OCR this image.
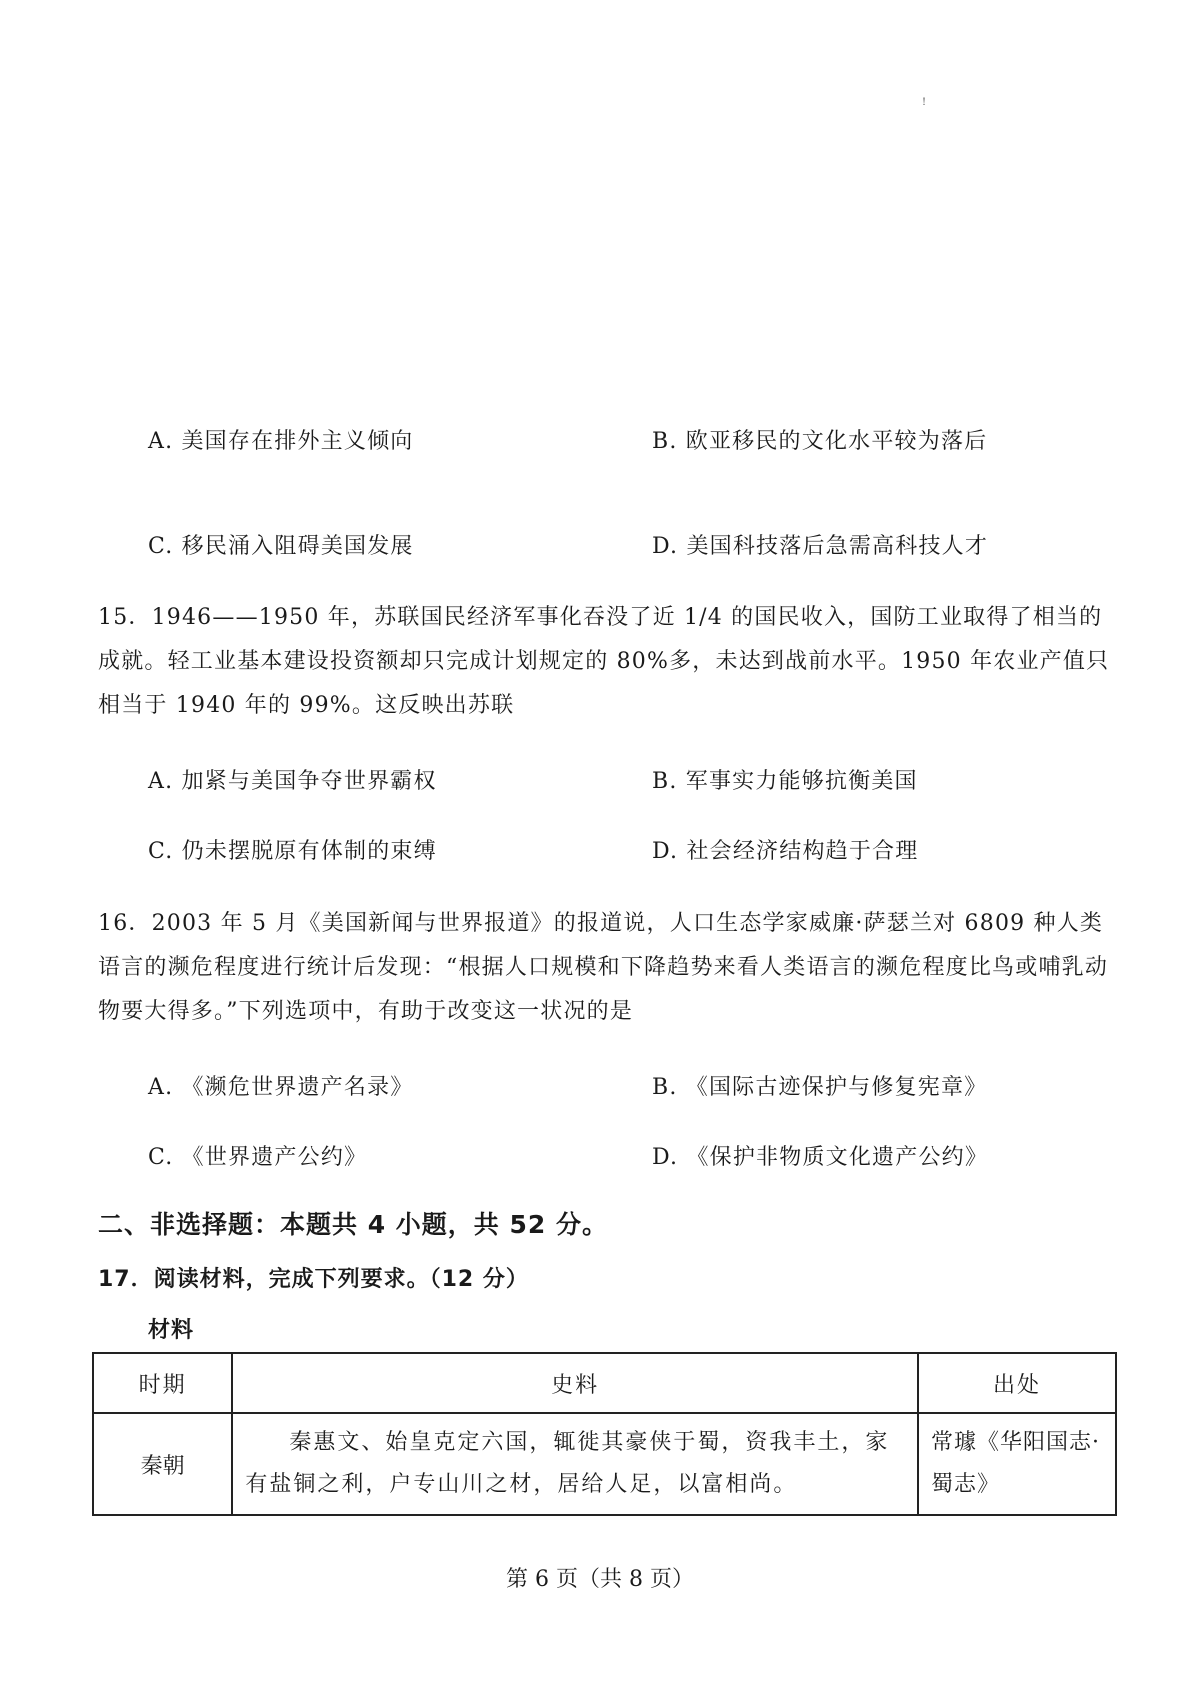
!
A. 美国存在排外主义倾向	B. 欧亚移民的文化水平较为落后
C. 移民涌入阻碍美国发展	D. 美国科技落后急需高科技人才
15．1946——1950 年，苏联国民经济军事化吞没了近 1/4 的国民收入，国防工业取得了相当的成就。轻工业基本建设投资额却只完成计划规定的 80%多，未达到战前水平。1950 年农业产值只相当于 1940 年的 99%。这反映出苏联
A. 加紧与美国争夺世界霸权	B. 军事实力能够抗衡美国
C. 仍未摆脱原有体制的束缚	D. 社会经济结构趋于合理
16．2003 年 5 月《美国新闻与世界报道》的报道说，人口生态学家威廉·萨瑟兰对 6809 种人类语言的濒危程度进行统计后发现：“根据人口规模和下降趋势来看人类语言的濒危程度比鸟或哺乳动物要大得多。”下列选项中，有助于改变这一状况的是
A. 《濒危世界遗产名录》	B. 《国际古迹保护与修复宪章》
C. 《世界遗产公约》	D. 《保护非物质文化遗产公约》
二、非选择题：本题共 4 小题，共 52 分。
17．阅读材料，完成下列要求。（12 分）
材料
时期	史料	出处
秦朝	秦惠文、始皇克定六国，辄徙其豪侠于蜀，资我丰土，家有盐铜之利，户专山川之材，居给人足，以富相尚。	常璩《华阳国志·蜀志》
第 6 页（共 8 页）
